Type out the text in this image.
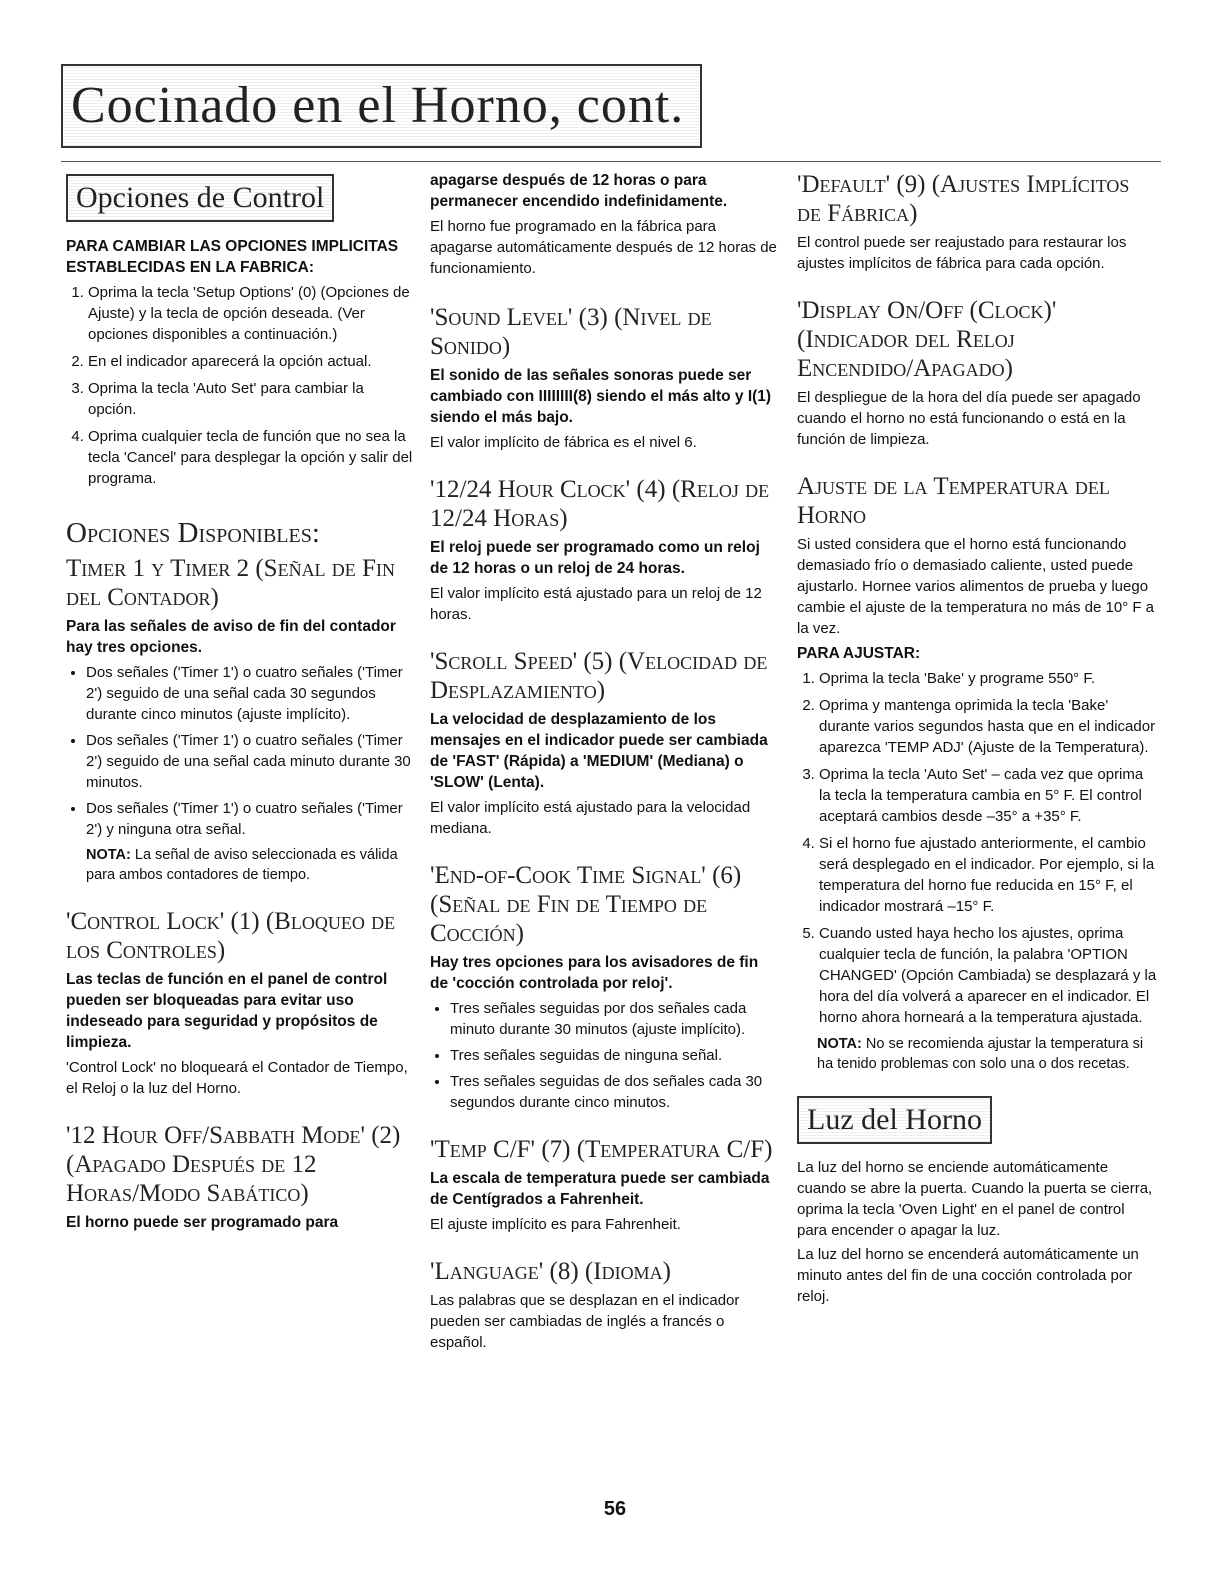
Cocinado en el Horno, cont.
Opciones de Control
PARA CAMBIAR LAS OPCIONES IMPLICITAS ESTABLECIDAS EN LA FABRICA:
1. Oprima la tecla 'Setup Options' (0) (Opciones de Ajuste) y la tecla de opción deseada. (Ver opciones disponibles a continuación.)
2. En el indicador aparecerá la opción actual.
3. Oprima la tecla 'Auto Set' para cambiar la opción.
4. Oprima cualquier tecla de función que no sea la tecla 'Cancel' para desplegar la opción y salir del programa.
Opciones Disponibles:
Timer 1 y Timer 2 (Señal de Fin del Contador)
Para las señales de aviso de fin del contador hay tres opciones.
• Dos señales ('Timer 1') o cuatro señales ('Timer 2') seguido de una señal cada 30 segundos durante cinco minutos (ajuste implícito).
• Dos señales ('Timer 1') o cuatro señales ('Timer 2') seguido de una señal cada minuto durante 30 minutos.
• Dos señales ('Timer 1') o cuatro señales ('Timer 2') y ninguna otra señal.
NOTA: La señal de aviso seleccionada es válida para ambos contadores de tiempo.
'Control Lock' (1) (Bloqueo de los Controles)
Las teclas de función en el panel de control pueden ser bloqueadas para evitar uso indeseado para seguridad y propósitos de limpieza.
'Control Lock' no bloqueará el Contador de Tiempo, el Reloj o la luz del Horno.
'12 Hour Off/Sabbath Mode' (2) (Apagado Después de 12 Horas/Modo Sabático)
El horno puede ser programado para
apagarse después de 12 horas o para permanecer encendido indefinidamente.
El horno fue programado en la fábrica para apagarse automáticamente después de 12 horas de funcionamiento.
'Sound Level' (3) (Nivel de Sonido)
El sonido de las señales sonoras puede ser cambiado con IIIIIIII(8) siendo el más alto y I(1) siendo el más bajo.
El valor implícito de fábrica es el nivel 6.
'12/24 Hour Clock' (4) (Reloj de 12/24 Horas)
El reloj puede ser programado como un reloj de 12 horas o un reloj de 24 horas.
El valor implícito está ajustado para un reloj de 12 horas.
'Scroll Speed' (5) (Velocidad de Desplazamiento)
La velocidad de desplazamiento de los mensajes en el indicador puede ser cambiada de 'FAST' (Rápida) a 'MEDIUM' (Mediana) o 'SLOW' (Lenta).
El valor implícito está ajustado para la velocidad mediana.
'End-of-Cook Time Signal' (6) (Señal de Fin de Tiempo de Cocción)
Hay tres opciones para los avisadores de fin de 'cocción controlada por reloj'.
• Tres señales seguidas por dos señales cada minuto durante 30 minutos (ajuste implícito).
• Tres señales seguidas de ninguna señal.
• Tres señales seguidas de dos señales cada 30 segundos durante cinco minutos.
'Temp C/F' (7) (Temperatura C/F)
La escala de temperatura puede ser cambiada de Centígrados a Fahrenheit.
El ajuste implícito es para Fahrenheit.
'Language' (8) (Idioma)
Las palabras que se desplazan en el indicador pueden ser cambiadas de inglés a francés o español.
'Default' (9) (Ajustes Implícitos de Fábrica)
El control puede ser reajustado para restaurar los ajustes implícitos de fábrica para cada opción.
'Display On/Off (Clock)' (Indicador del Reloj Encendido/Apagado)
El despliegue de la hora del día puede ser apagado cuando el horno no está funcionando o está en la función de limpieza.
Ajuste de la Temperatura del Horno
Si usted considera que el horno está funcionando demasiado frío o demasiado caliente, usted puede ajustarlo. Hornee varios alimentos de prueba y luego cambie el ajuste de la temperatura no más de 10° F a la vez.
PARA AJUSTAR:
1. Oprima la tecla 'Bake' y programe 550° F.
2. Oprima y mantenga oprimida la tecla 'Bake' durante varios segundos hasta que en el indicador aparezca 'TEMP ADJ' (Ajuste de la Temperatura).
3. Oprima la tecla 'Auto Set' – cada vez que oprima la tecla la temperatura cambia en 5° F. El control aceptará cambios desde –35° a +35° F.
4. Si el horno fue ajustado anteriormente, el cambio será desplegado en el indicador. Por ejemplo, si la temperatura del horno fue reducida en 15° F, el indicador mostrará –15° F.
5. Cuando usted haya hecho los ajustes, oprima cualquier tecla de función, la palabra 'OPTION CHANGED' (Opción Cambiada) se desplazará y la hora del día volverá a aparecer en el indicador. El horno ahora horneará a la temperatura ajustada.
NOTA: No se recomienda ajustar la temperatura si ha tenido problemas con solo una o dos recetas.
Luz del Horno
La luz del horno se enciende automáticamente cuando se abre la puerta. Cuando la puerta se cierra, oprima la tecla 'Oven Light' en el panel de control para encender o apagar la luz.
La luz del horno se encenderá automáticamente un minuto antes del fin de una cocción controlada por reloj.
56
